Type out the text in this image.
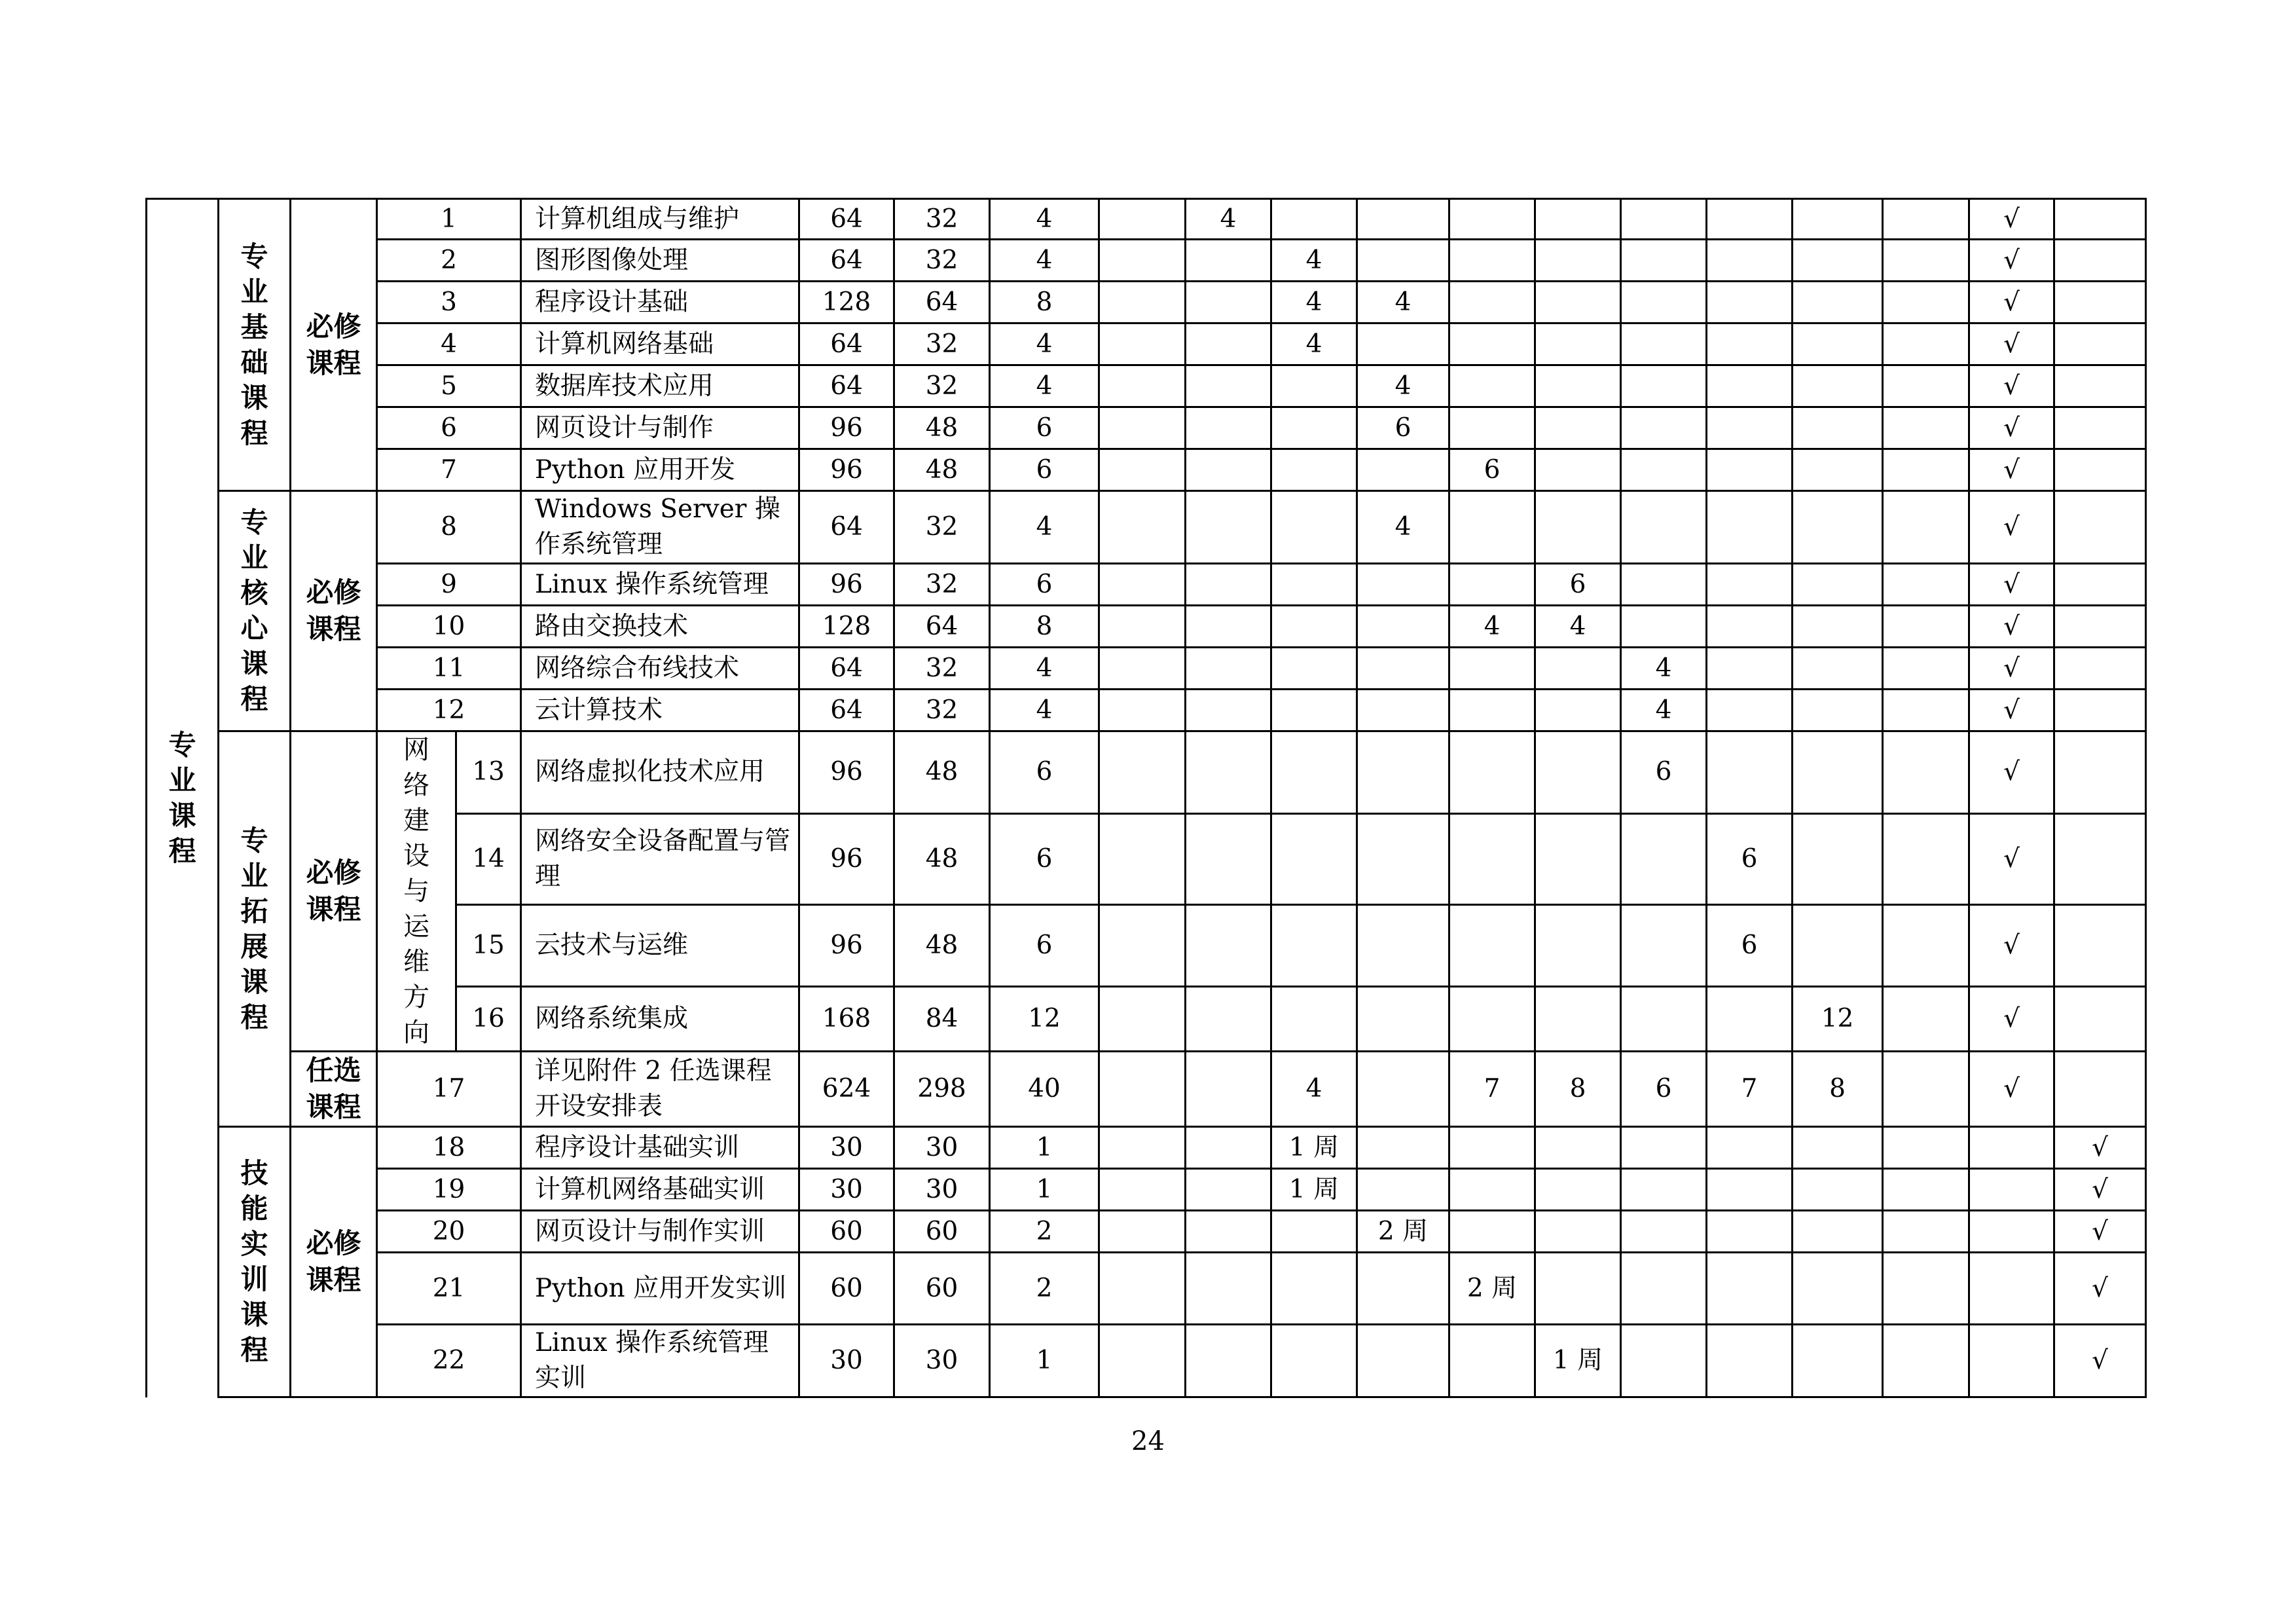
专业课程	专业基础课程	必修课程	1		计算机组成与维护	64	32	4		4									√	
			2		图形图像处理	64	32	4			4								√	
			3		程序设计基础	128	64	8			4	4							√	
			4		计算机网络基础	64	32	4			4								√	
			5		数据库技术应用	64	32	4				4							√	
			6		网页设计与制作	96	48	6				6							√	
			7		Python 应用开发	96	48	6					6						√	
	专业核心课程	必修课程	8		Windows Server 操作系统管理	64	32	4				4							√	
			9		Linux 操作系统管理	96	32	6						6					√	
			10		路由交换技术	128	64	8					4	4					√	
			11		网络综合布线技术	64	32	4							4				√	
			12		云计算技术	64	32	4							4				√	
	专业拓展课程	必修课程	网络建设与运维方向	13	网络虚拟化技术应用	96	48	6							6				√	
				14	网络安全设备配置与管理	96	48	6								6			√	
				15	云技术与运维	96	48	6								6			√	
				16	网络系统集成	168	84	12									12		√	
		任选课程	17		详见附件 2 任选课程开设安排表	624	298	40			4		7	8	6	7	8		√	
	技能实训课程	必修课程	18		程序设计基础实训	30	30	1			1 周									√
			19		计算机网络基础实训	30	30	1			1 周									√
			20		网页设计与制作实训	60	60	2				2 周								√
			21		Python 应用开发实训	60	60	2					2 周							√
			22		Linux 操作系统管理实训	30	30	1						1 周						√
24
